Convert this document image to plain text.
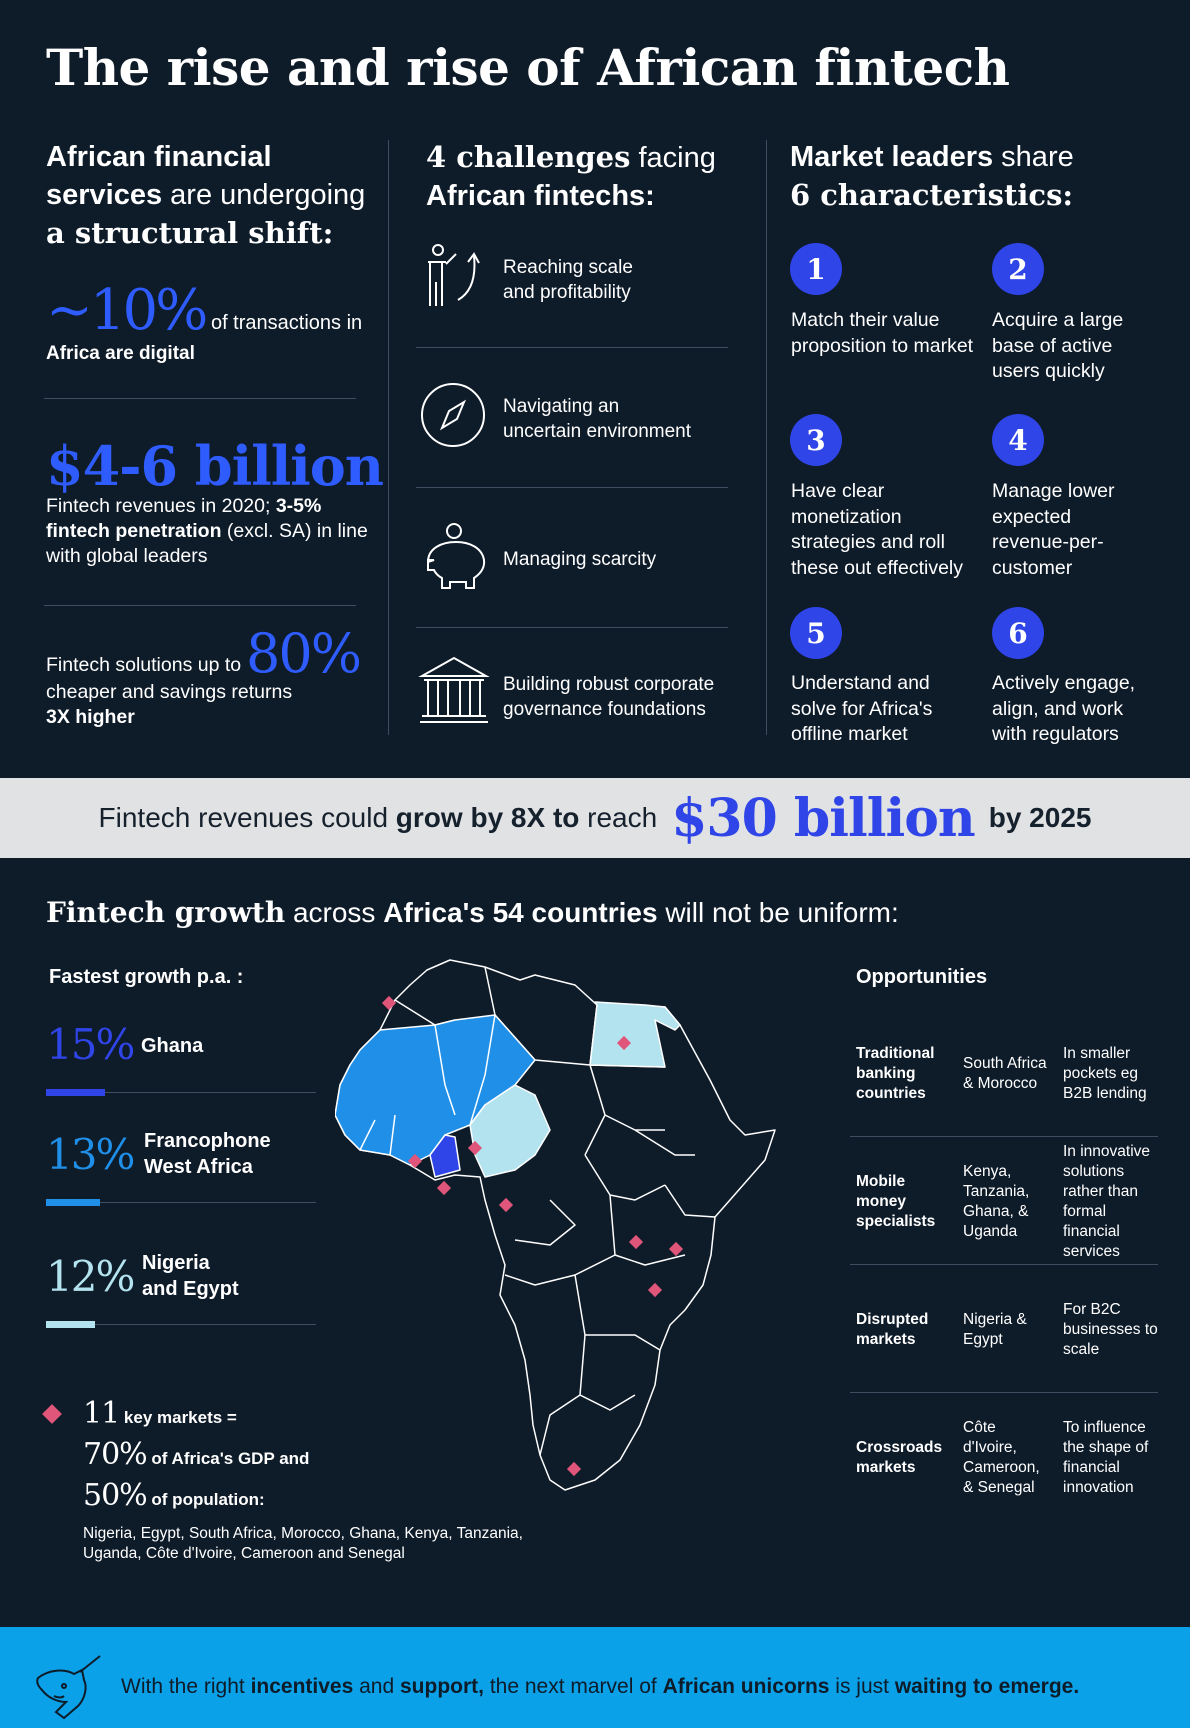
The rise and rise of African fintech
African financial
services are undergoing
a structural shift:
~10% of transactions in
Africa are digital
$4-6 billion
Fintech revenues in 2020; 3-5%
fintech penetration (excl. SA) in line
with global leaders
Fintech solutions up to 80%
cheaper and savings returns
3X higher
4 challenges facing
African fintechs:
Reaching scale
and profitability
Navigating an
uncertain environment
Managing scarcity
Building robust corporate
governance foundations
Market leaders share
6 characteristics:
1
Match their value proposition to market
2
Acquire a large base of active users quickly
3
Have clear monetization strategies and roll these out effectively
4
Manage lower expected revenue-per-customer
5
Understand and solve for Africa's offline market
6
Actively engage, align, and work with regulators
Fintech revenues could grow by 8X to reach $30 billion by 2025
Fintech growth across Africa's 54 countries will not be uniform:
Fastest growth p.a. :
15% Ghana
13% Francophone
West Africa
12% Nigeria
and Egypt
11 key markets =
70% of Africa's GDP and
50% of population:
Nigeria, Egypt, South Africa, Morocco, Ghana, Kenya, Tanzania, Uganda, Côte d'Ivoire, Cameroon and Senegal
Opportunities
Traditional banking countries
South Africa & Morocco
In smaller pockets eg B2B lending
Mobile money specialists
Kenya, Tanzania, Ghana, & Uganda
In innovative solutions rather than formal financial services
Disrupted markets
Nigeria & Egypt
For B2C businesses to scale
Crossroads markets
Côte d'Ivoire, Cameroon, & Senegal
To influence the shape of financial innovation
With the right incentives and support, the next marvel of African unicorns is just waiting to emerge.
